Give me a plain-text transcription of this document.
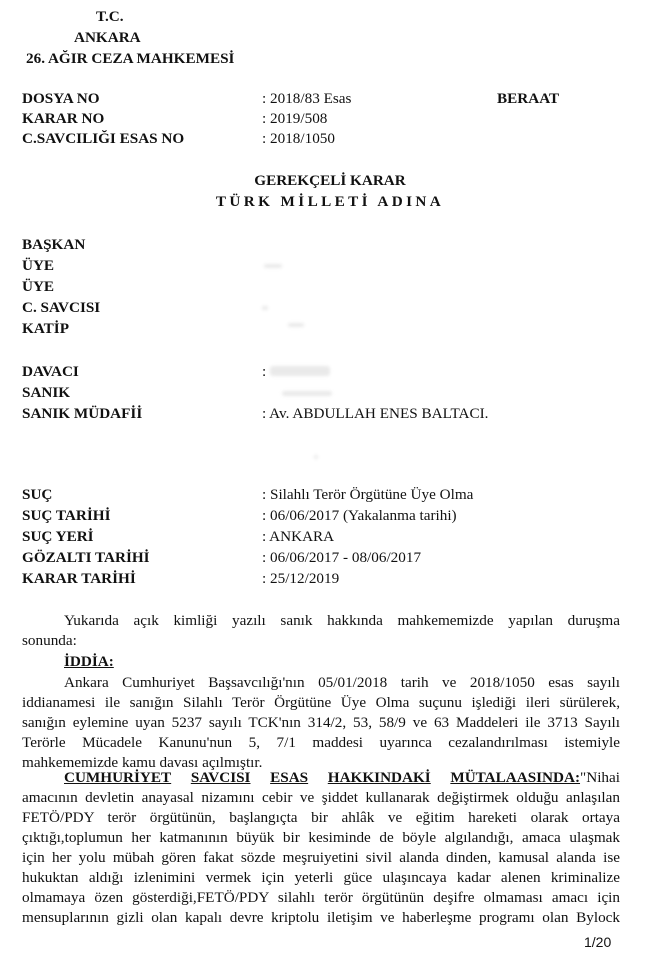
T.C.
ANKARA
26. AĞIR CEZA MAHKEMESİ
DOSYA NO	: 2018/83 Esas	BERAAT
KARAR NO	: 2019/508
C.SAVCILIĞI ESAS NO	: 2018/1050
GEREKÇELİ KARAR
TÜRK MİLLETİ ADINA
BAŞKAN
ÜYE
ÜYE
C. SAVCISI
KATİP
DAVACI	:
SANIK
SANIK MÜDAFİİ	: Av. ABDULLAH ENES BALTACI.
SUÇ	: Silahlı Terör Örgütüne Üye Olma
SUÇ TARİHİ	: 06/06/2017 (Yakalanma tarihi)
SUÇ YERİ	: ANKARA
GÖZALTI TARİHİ	: 06/06/2017 - 08/06/2017
KARAR TARİHİ	: 25/12/2019
Yukarıda açık kimliği yazılı sanık hakkında mahkememizde yapılan duruşma
sonunda:
İDDİA:
Ankara Cumhuriyet Başsavcılığı'nın 05/01/2018 tarih ve 2018/1050 esas sayılı
iddianamesi ile sanığın Silahlı Terör Örgütüne Üye Olma suçunu işlediği ileri sürülerek,
sanığın eylemine uyan 5237 sayılı TCK'nın 314/2, 53, 58/9 ve 63 Maddeleri ile 3713 Sayılı
Terörle Mücadele Kanunu'nun 5, 7/1 maddesi uyarınca cezalandırılması istemiyle
mahkememizde kamu davası açılmıştır.
CUMHURİYET SAVCISI ESAS HAKKINDAKİ MÜTALAASINDA:"Nihai
amacının devletin anayasal nizamını cebir ve şiddet kullanarak değiştirmek olduğu anlaşılan
FETÖ/PDY terör örgütünün, başlangıçta bir ahlâk ve eğitim hareketi olarak ortaya
çıktığı,toplumun her katmanının büyük bir kesiminde de böyle algılandığı, amaca ulaşmak
için her yolu mübah gören fakat sözde meşruiyetini sivil alanda dinden, kamusal alanda ise
hukuktan aldığı izlenimini vermek için yeterli güce ulaşıncaya kadar alenen kriminalize
olmamaya özen gösterdiği,FETÖ/PDY silahlı terör örgütünün deşifre olmaması amacı için
mensuplarının gizli olan kapalı devre kriptolu iletişim ve haberleşme programı olan Bylock
1/20
